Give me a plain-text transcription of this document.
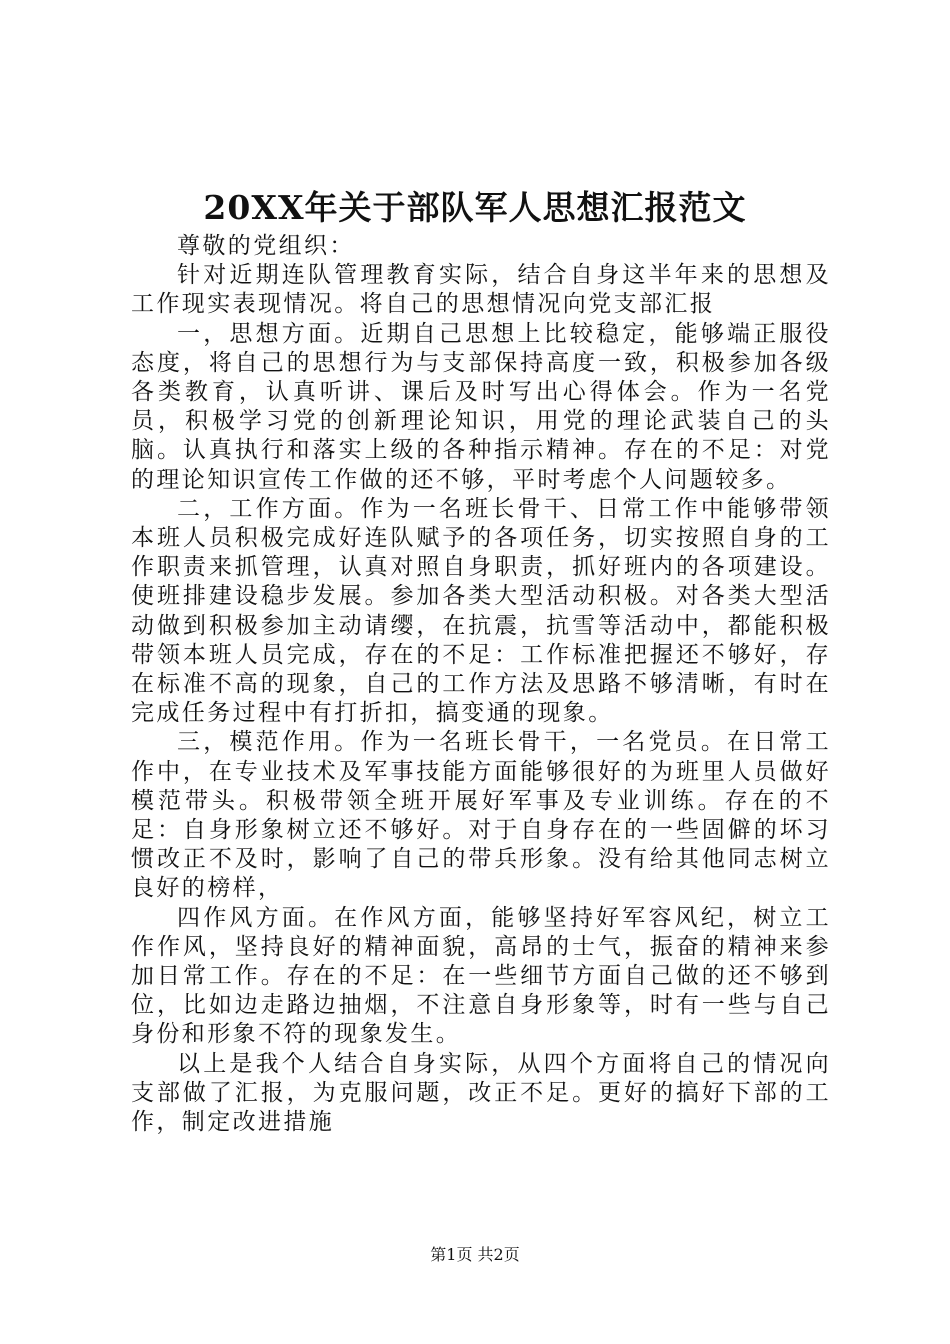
20XX年关于部队军人思想汇报范文

尊敬的党组织：

针对近期连队管理教育实际，结合自身这半年来的思想及工作现实表现情况。将自己的思想情况向党支部汇报

一，思想方面。近期自己思想上比较稳定，能够端正服役态度，将自己的思想行为与支部保持高度一致，积极参加各级各类教育，认真听讲、课后及时写出心得体会。作为一名党员，积极学习党的创新理论知识，用党的理论武装自己的头脑。认真执行和落实上级的各种指示精神。存在的不足：对党的理论知识宣传工作做的还不够，平时考虑个人问题较多。

二，工作方面。作为一名班长骨干、日常工作中能够带领本班人员积极完成好连队赋予的各项任务，切实按照自身的工作职责来抓管理，认真对照自身职责，抓好班内的各项建设。使班排建设稳步发展。参加各类大型活动积极。对各类大型活动做到积极参加主动请缨，在抗震，抗雪等活动中，都能积极带领本班人员完成，存在的不足：工作标准把握还不够好，存在标准不高的现象，自己的工作方法及思路不够清晰，有时在完成任务过程中有打折扣，搞变通的现象。

三，模范作用。作为一名班长骨干，一名党员。在日常工作中，在专业技术及军事技能方面能够很好的为班里人员做好模范带头。积极带领全班开展好军事及专业训练。存在的不足：自身形象树立还不够好。对于自身存在的一些固僻的坏习惯改正不及时，影响了自己的带兵形象。没有给其他同志树立良好的榜样，

四作风方面。在作风方面，能够坚持好军容风纪，树立工作作风，坚持良好的精神面貌，高昂的士气，振奋的精神来参加日常工作。存在的不足：在一些细节方面自己做的还不够到位，比如边走路边抽烟，不注意自身形象等，时有一些与自己身份和形象不符的现象发生。

以上是我个人结合自身实际，从四个方面将自己的情况向支部做了汇报，为克服问题，改正不足。更好的搞好下部的工作，制定改进措施

第1页 共2页
